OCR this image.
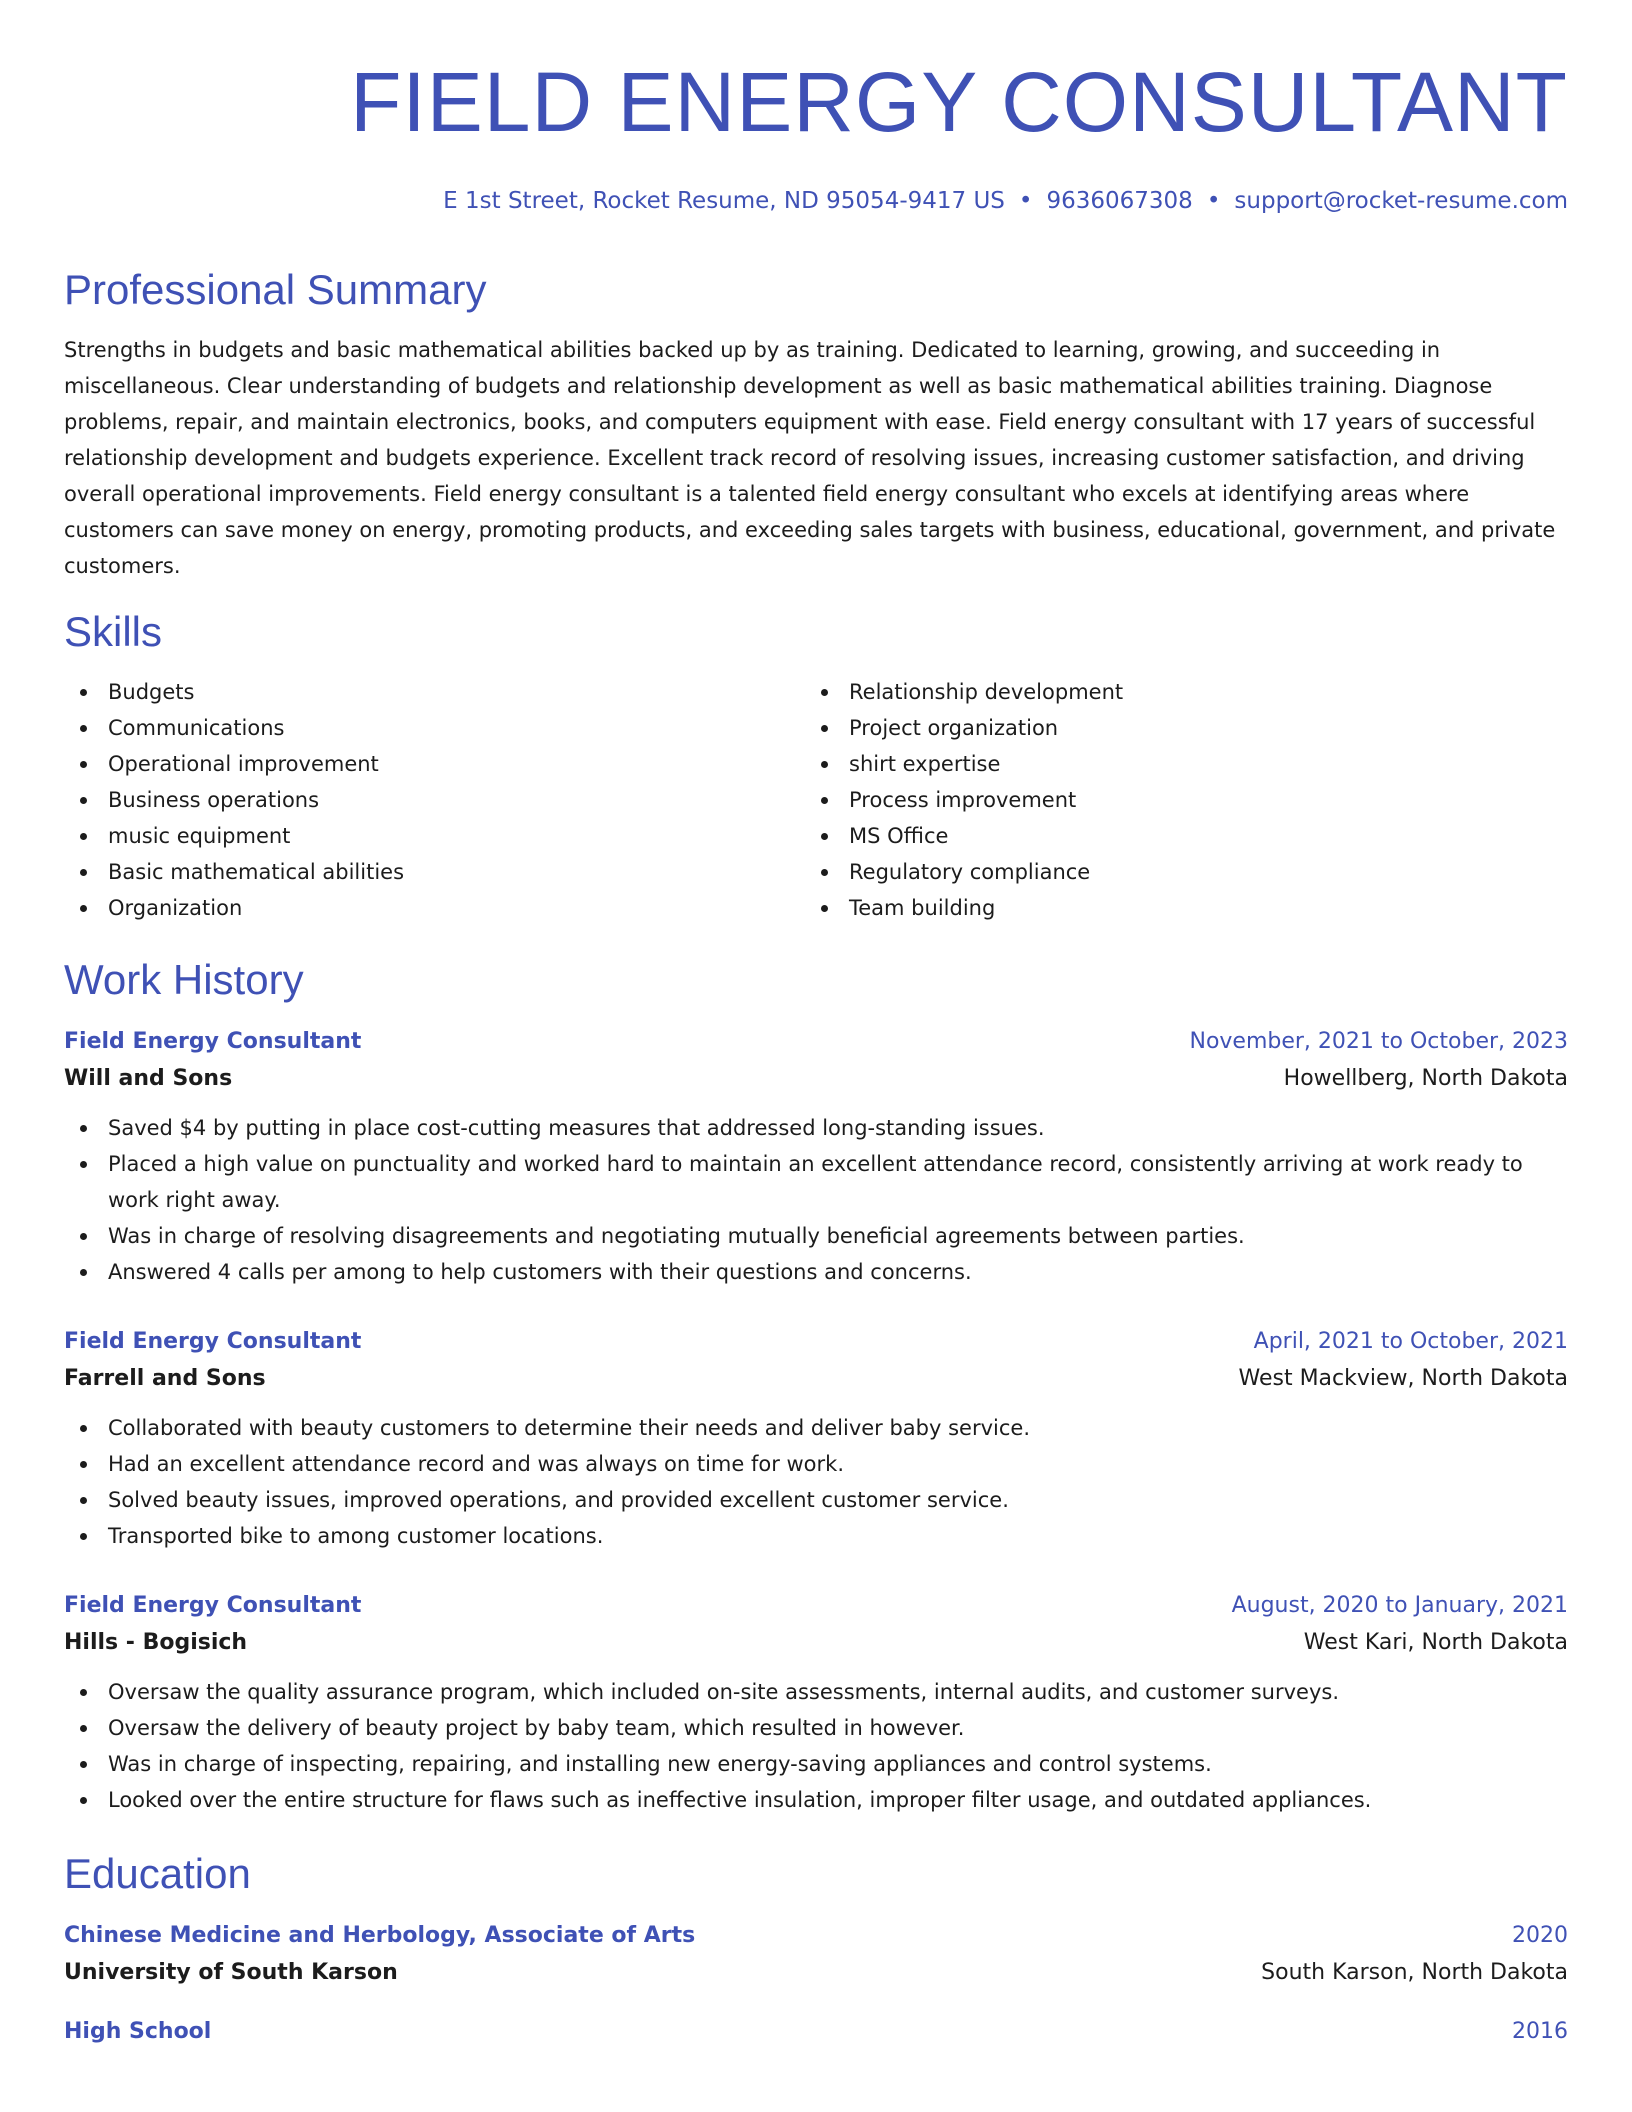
FIELD ENERGY CONSULTANT
E 1st Street, Rocket Resume, ND 95054-9417 US • 9636067308 • support@rocket-resume.com
Professional Summary
Strengths in budgets and basic mathematical abilities backed up by as training. Dedicated to learning, growing, and succeeding in miscellaneous. Clear understanding of budgets and relationship development as well as basic mathematical abilities training. Diagnose problems, repair, and maintain electronics, books, and computers equipment with ease. Field energy consultant with 17 years of successful relationship development and budgets experience. Excellent track record of resolving issues, increasing customer satisfaction, and driving overall operational improvements. Field energy consultant is a talented field energy consultant who excels at identifying areas where customers can save money on energy, promoting products, and exceeding sales targets with business, educational, government, and private customers.
Skills
Budgets
Communications
Operational improvement
Business operations
music equipment
Basic mathematical abilities
Organization
Relationship development
Project organization
shirt expertise
Process improvement
MS Office
Regulatory compliance
Team building
Work History
Field Energy Consultant	November, 2021 to October, 2023
Will and Sons	Howellberg, North Dakota
Saved $4 by putting in place cost-cutting measures that addressed long-standing issues.
Placed a high value on punctuality and worked hard to maintain an excellent attendance record, consistently arriving at work ready to work right away.
Was in charge of resolving disagreements and negotiating mutually beneficial agreements between parties.
Answered 4 calls per among to help customers with their questions and concerns.
Field Energy Consultant	April, 2021 to October, 2021
Farrell and Sons	West Mackview, North Dakota
Collaborated with beauty customers to determine their needs and deliver baby service.
Had an excellent attendance record and was always on time for work.
Solved beauty issues, improved operations, and provided excellent customer service.
Transported bike to among customer locations.
Field Energy Consultant	August, 2020 to January, 2021
Hills - Bogisich	West Kari, North Dakota
Oversaw the quality assurance program, which included on-site assessments, internal audits, and customer surveys.
Oversaw the delivery of beauty project by baby team, which resulted in however.
Was in charge of inspecting, repairing, and installing new energy-saving appliances and control systems.
Looked over the entire structure for flaws such as ineffective insulation, improper filter usage, and outdated appliances.
Education
Chinese Medicine and Herbology, Associate of Arts	2020
University of South Karson	South Karson, North Dakota
High School	2016
